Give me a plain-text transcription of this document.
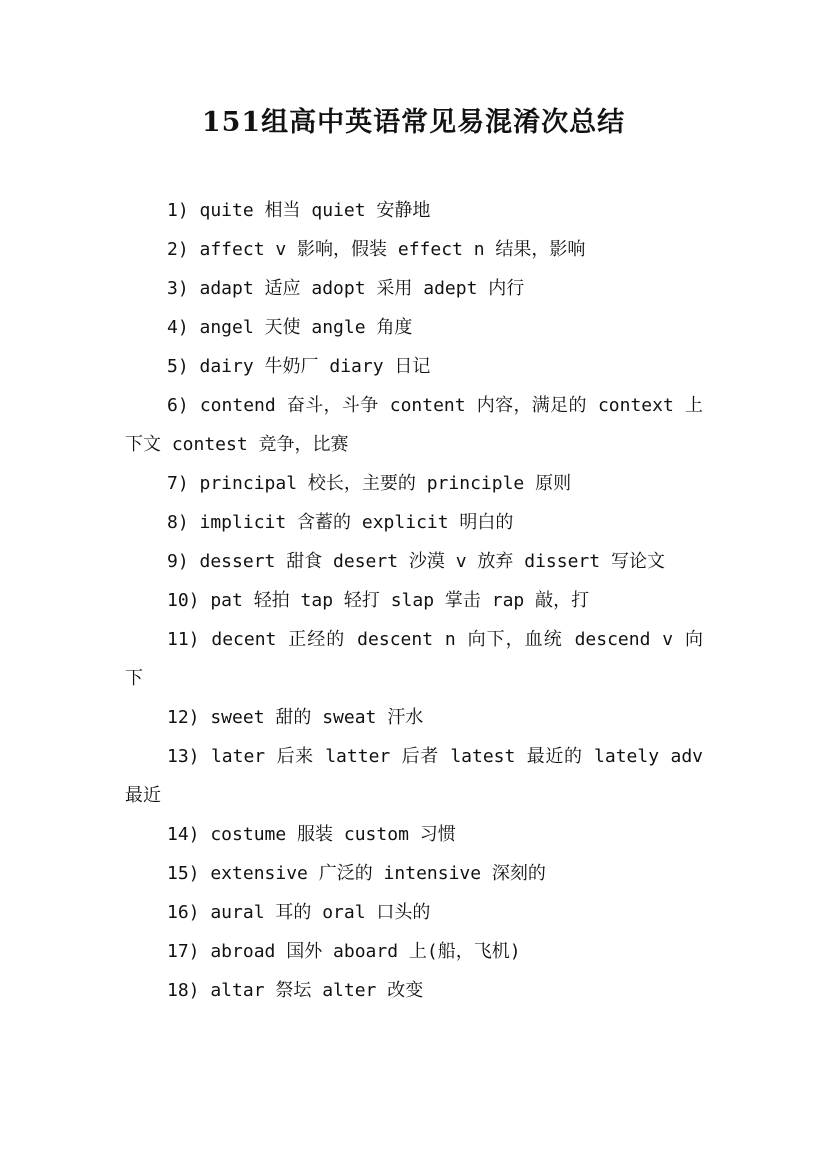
151组高中英语常见易混淆次总结

1) quite 相当 quiet 安静地

2) affect v 影响，假装 effect n 结果，影响

3) adapt 适应 adopt 采用 adept 内行

4) angel 天使 angle 角度

5) dairy 牛奶厂 diary 日记

6) contend 奋斗，斗争 content 内容，满足的 context 上下文 contest 竞争，比赛

7) principal 校长，主要的 principle 原则

8) implicit 含蓄的 explicit 明白的

9) dessert 甜食 desert 沙漠 v 放弃 dissert 写论文

10) pat 轻拍 tap 轻打 slap 掌击 rap 敲，打

11) decent 正经的 descent n 向下，血统 descend v 向下

12) sweet 甜的 sweat 汗水

13) later 后来 latter 后者 latest 最近的 lately adv 最近

14) costume 服装 custom 习惯

15) extensive 广泛的 intensive 深刻的

16) aural 耳的 oral 口头的

17) abroad 国外 aboard 上(船，飞机)

18) altar 祭坛 alter 改变
